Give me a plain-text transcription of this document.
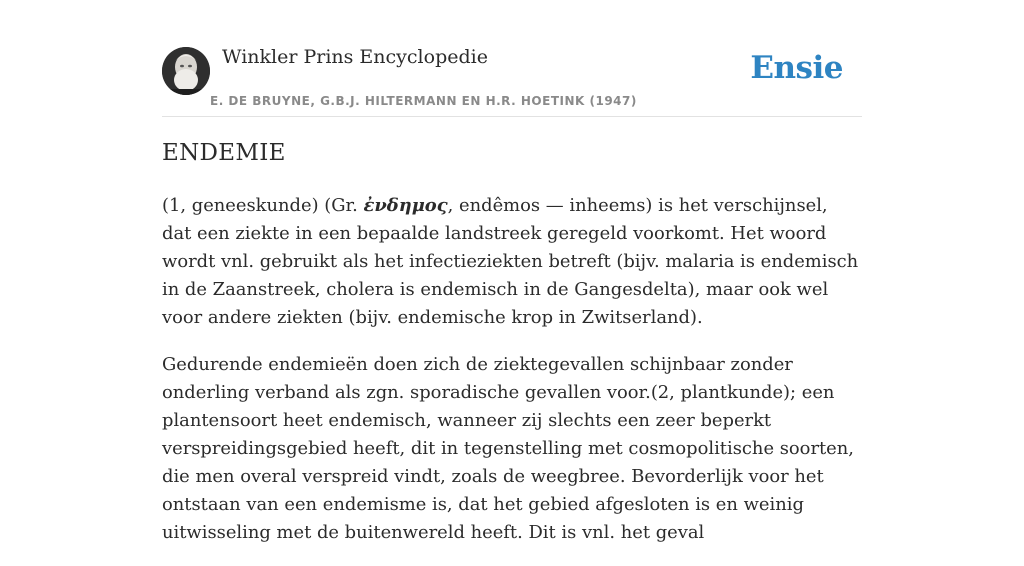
Winkler Prins Encyclopedie
E. DE BRUYNE, G.B.J. HILTERMANN EN H.R. HOETINK (1947)
Ensie
ENDEMIE

(1, geneeskunde) (Gr. ἐνδημος, endêmos — inheems) is het verschijnsel, dat een ziekte in een bepaalde landstreek geregeld voorkomt. Het woord wordt vnl. gebruikt als het infectieziekten betreft (bijv. malaria is endemisch in de Zaanstreek, cholera is endemisch in de Gangesdelta), maar ook wel voor andere ziekten (bijv. endemische krop in Zwitserland).

Gedurende endemieën doen zich de ziektegevallen schijnbaar zonder onderling verband als zgn. sporadische gevallen voor.(2, plantkunde); een plantensoort heet endemisch, wanneer zij slechts een zeer beperkt verspreidingsgebied heeft, dit in tegenstelling met cosmopolitische soorten, die men overal verspreid vindt, zoals de weegbree. Bevorderlijk voor het ontstaan van een endemisme is, dat het gebied afgesloten is en weinig uitwisseling met de buitenwereld heeft. Dit is vnl. het geval
